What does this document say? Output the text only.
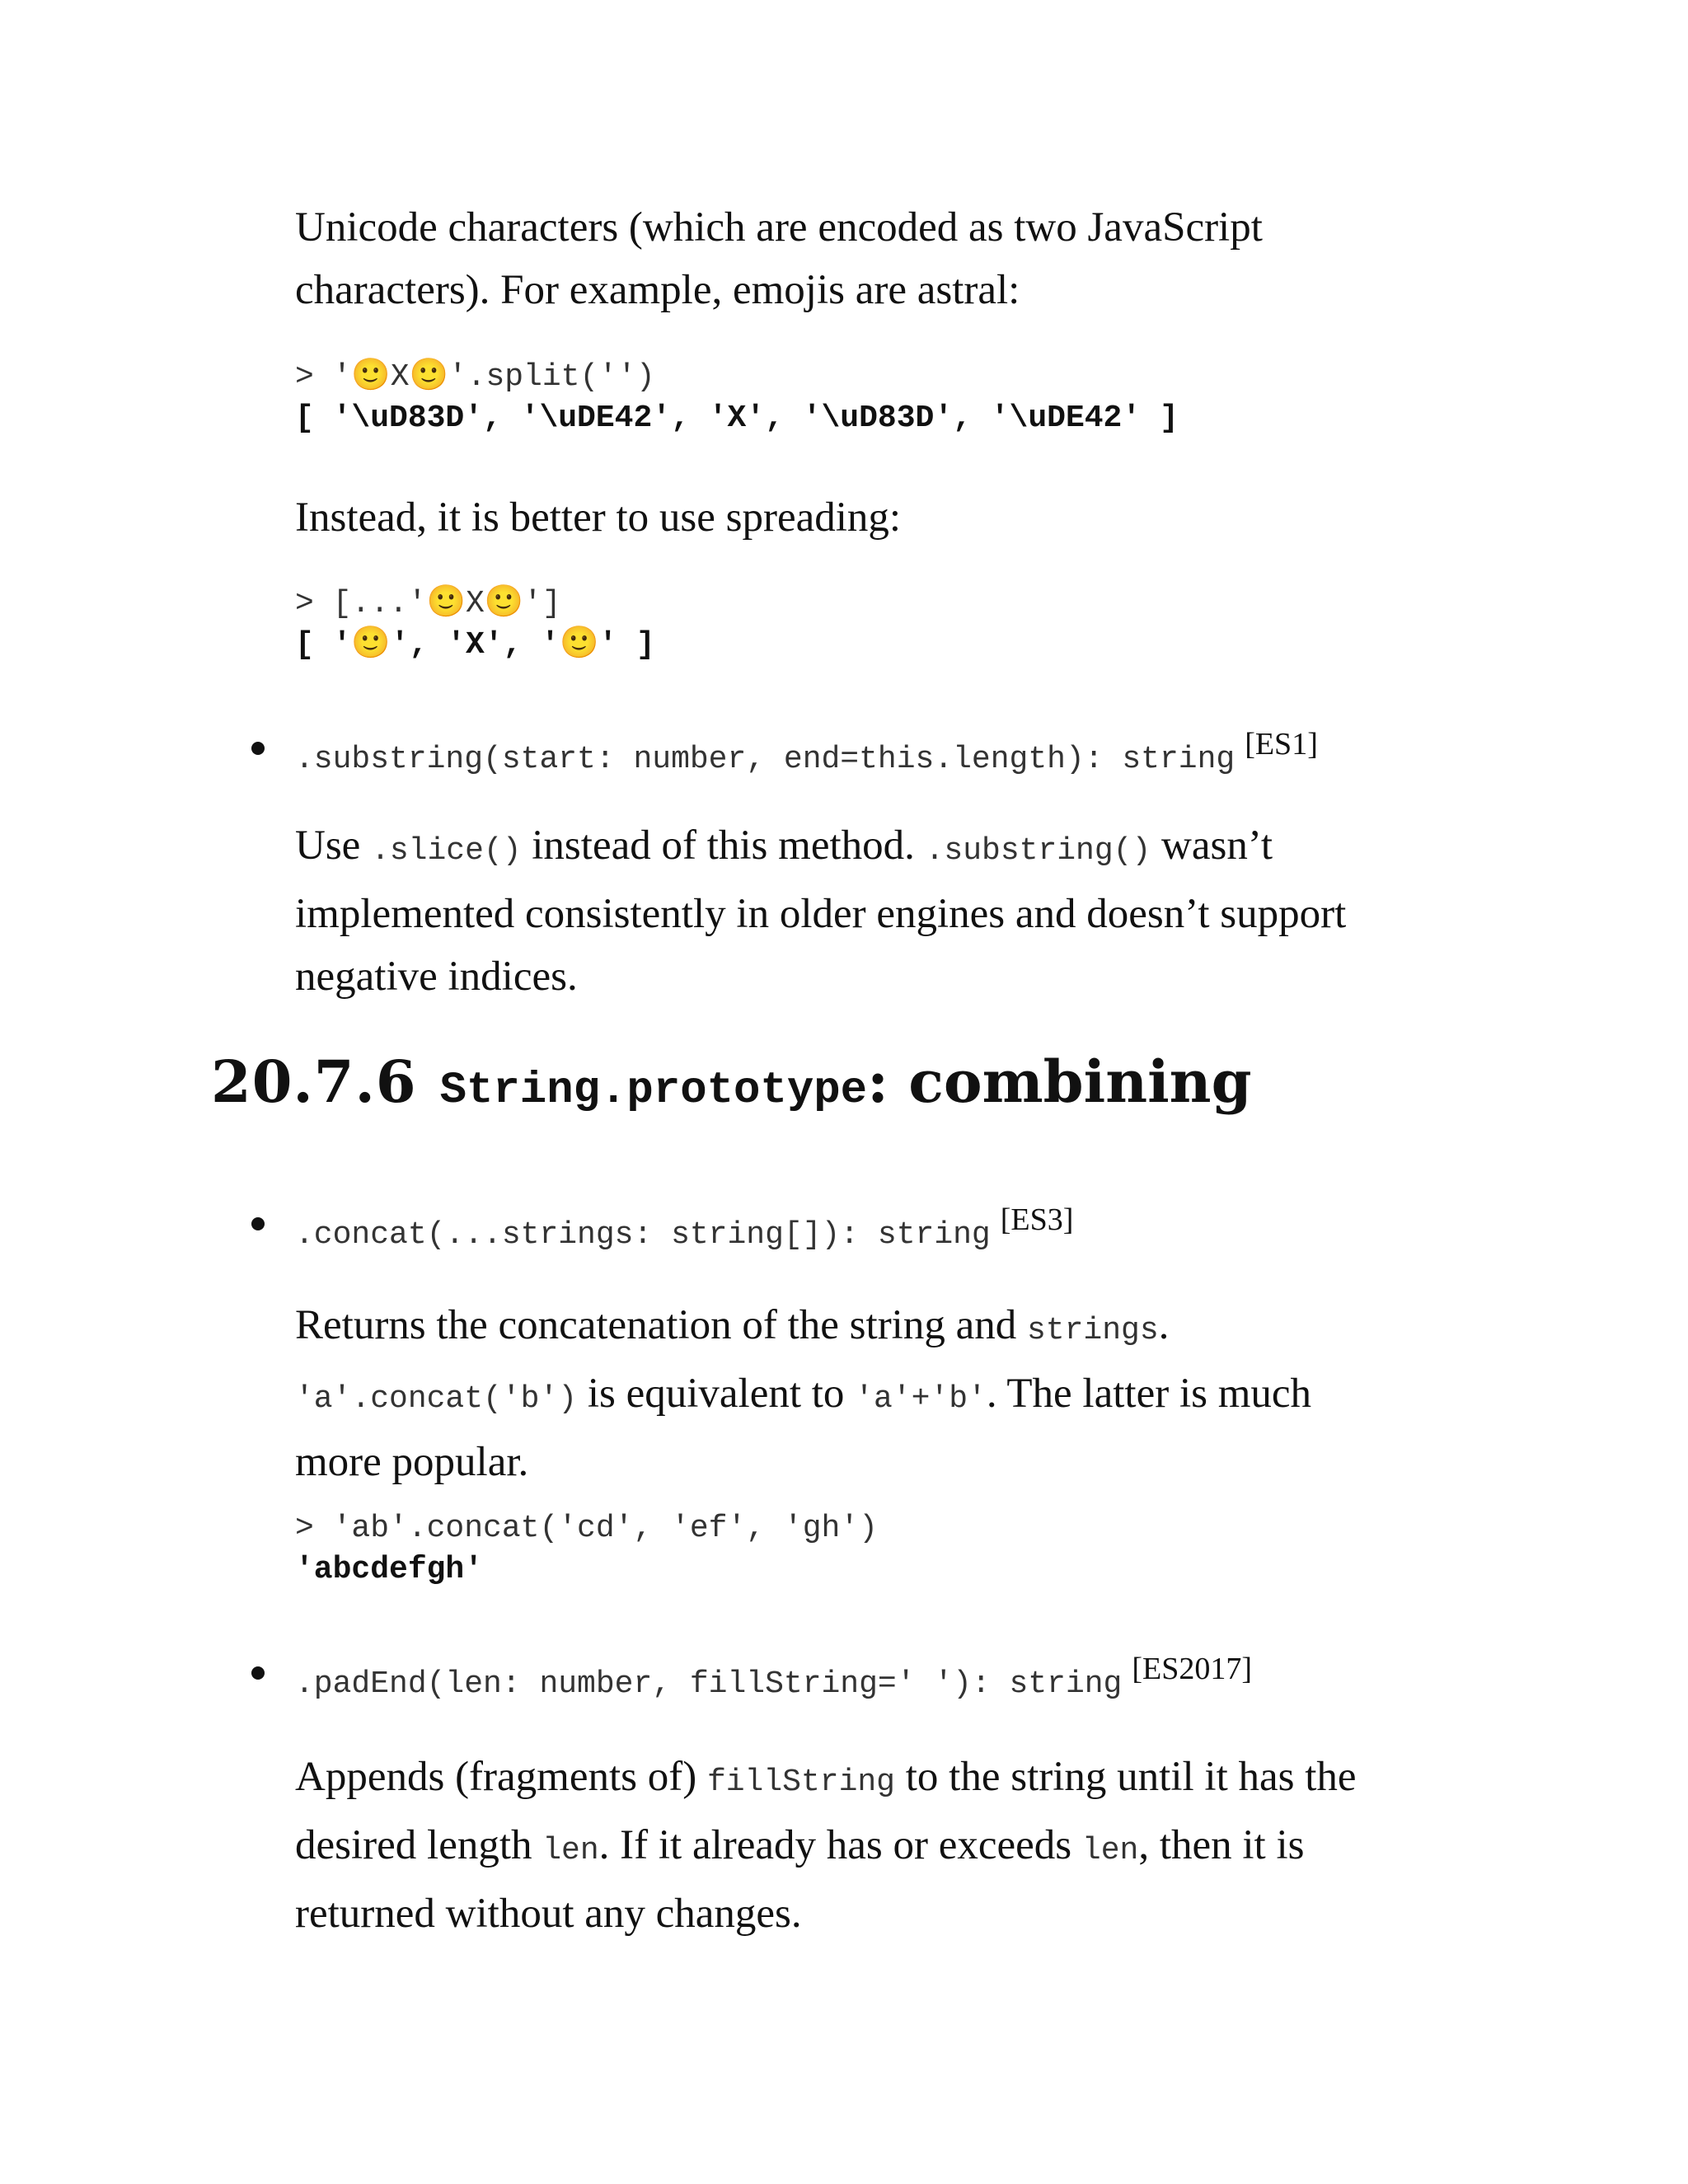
Unicode characters (which are encoded as two JavaScript
characters). For example, emojis are astral:

> '🙂X🙂'.split('')
[ '\uD83D', '\uDE42', 'X', '\uD83D', '\uDE42' ]

Instead, it is better to use spreading:

> [...'🙂X🙂']
[ '🙂', 'X', '🙂' ]
.substring(start: number, end=this.length): string [ES1]

Use .slice() instead of this method. .substring() wasn’t
implemented consistently in older engines and doesn’t support
negative indices.

20.7.6 String.prototype: combining
.concat(...strings: string[]): string [ES3]

Returns the concatenation of the string and strings.
'a'.concat('b') is equivalent to 'a'+'b'. The latter is much
more popular.

> 'ab'.concat('cd', 'ef', 'gh')
'abcdefgh'
.padEnd(len: number, fillString=' '): string [ES2017]

Appends (fragments of) fillString to the string until it has the
desired length len. If it already has or exceeds len, then it is
returned without any changes.
